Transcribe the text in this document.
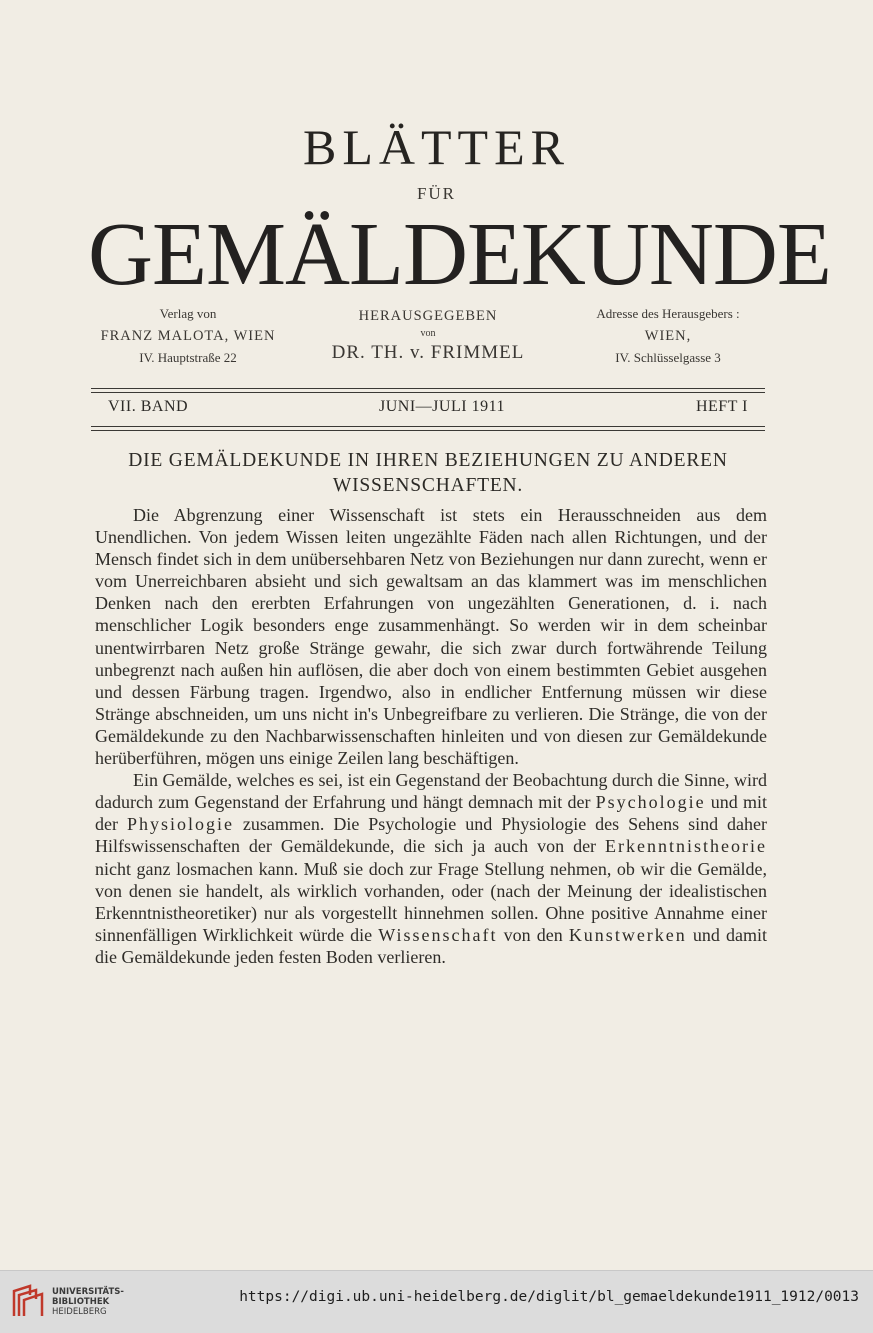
BLÄTTER
FÜR
GEMÄLDEKUNDE
Verlag von
FRANZ MALOTA, WIEN
IV. Hauptstraße 22
HERAUSGEGEBEN
von
DR. TH. v. FRIMMEL
Adresse des Herausgebers :
WIEN,
IV. Schlüsselgasse 3
VII. BAND	JUNI—JULI 1911	HEFT I
DIE GEMÄLDEKUNDE IN IHREN BEZIEHUNGEN ZU ANDEREN
WISSENSCHAFTEN.

Die Abgrenzung einer Wissenschaft ist stets ein Herausschneiden aus dem Unendlichen. Von jedem Wissen leiten ungezählte Fäden nach allen Richtungen, und der Mensch findet sich in dem unübersehbaren Netz von Beziehungen nur dann zurecht, wenn er vom Unerreichbaren absieht und sich gewaltsam an das klammert was im menschlichen Denken nach den ererbten Erfahrungen von ungezählten Generationen, d. i. nach menschlicher Logik besonders enge zusammenhängt. So werden wir in dem scheinbar unentwirrbaren Netz große Stränge gewahr, die sich zwar durch fortwährende Teilung unbegrenzt nach außen hin auflösen, die aber doch von einem bestimmten Gebiet ausgehen und dessen Färbung tragen. Irgendwo, also in endlicher Entfernung müssen wir diese Stränge abschneiden, um uns nicht in's Unbegreifbare zu verlieren. Die Stränge, die von der Gemäldekunde zu den Nachbarwissenschaften hinleiten und von diesen zur Gemäldekunde herüberführen, mögen uns einige Zeilen lang beschäftigen.

Ein Gemälde, welches es sei, ist ein Gegenstand der Beobachtung durch die Sinne, wird dadurch zum Gegenstand der Erfahrung und hängt demnach mit der Psychologie und mit der Physiologie zusammen. Die Psychologie und Physiologie des Sehens sind daher Hilfswissenschaften der Gemäldekunde, die sich ja auch von der Erkenntnistheorie nicht ganz losmachen kann. Muß sie doch zur Frage Stellung nehmen, ob wir die Gemälde, von denen sie handelt, als wirklich vorhanden, oder (nach der Meinung der idealistischen Erkenntnistheoretiker) nur als vorgestellt hinnehmen sollen. Ohne positive Annahme einer sinnenfälligen Wirklichkeit würde die Wissenschaft von den Kunstwerken und damit die Gemäldekunde jeden festen Boden verlieren.

UNIVERSITÄTS-
BIBLIOTHEK
HEIDELBERG
https://digi.ub.uni-heidelberg.de/diglit/bl_gemaeldekunde1911_1912/0013
